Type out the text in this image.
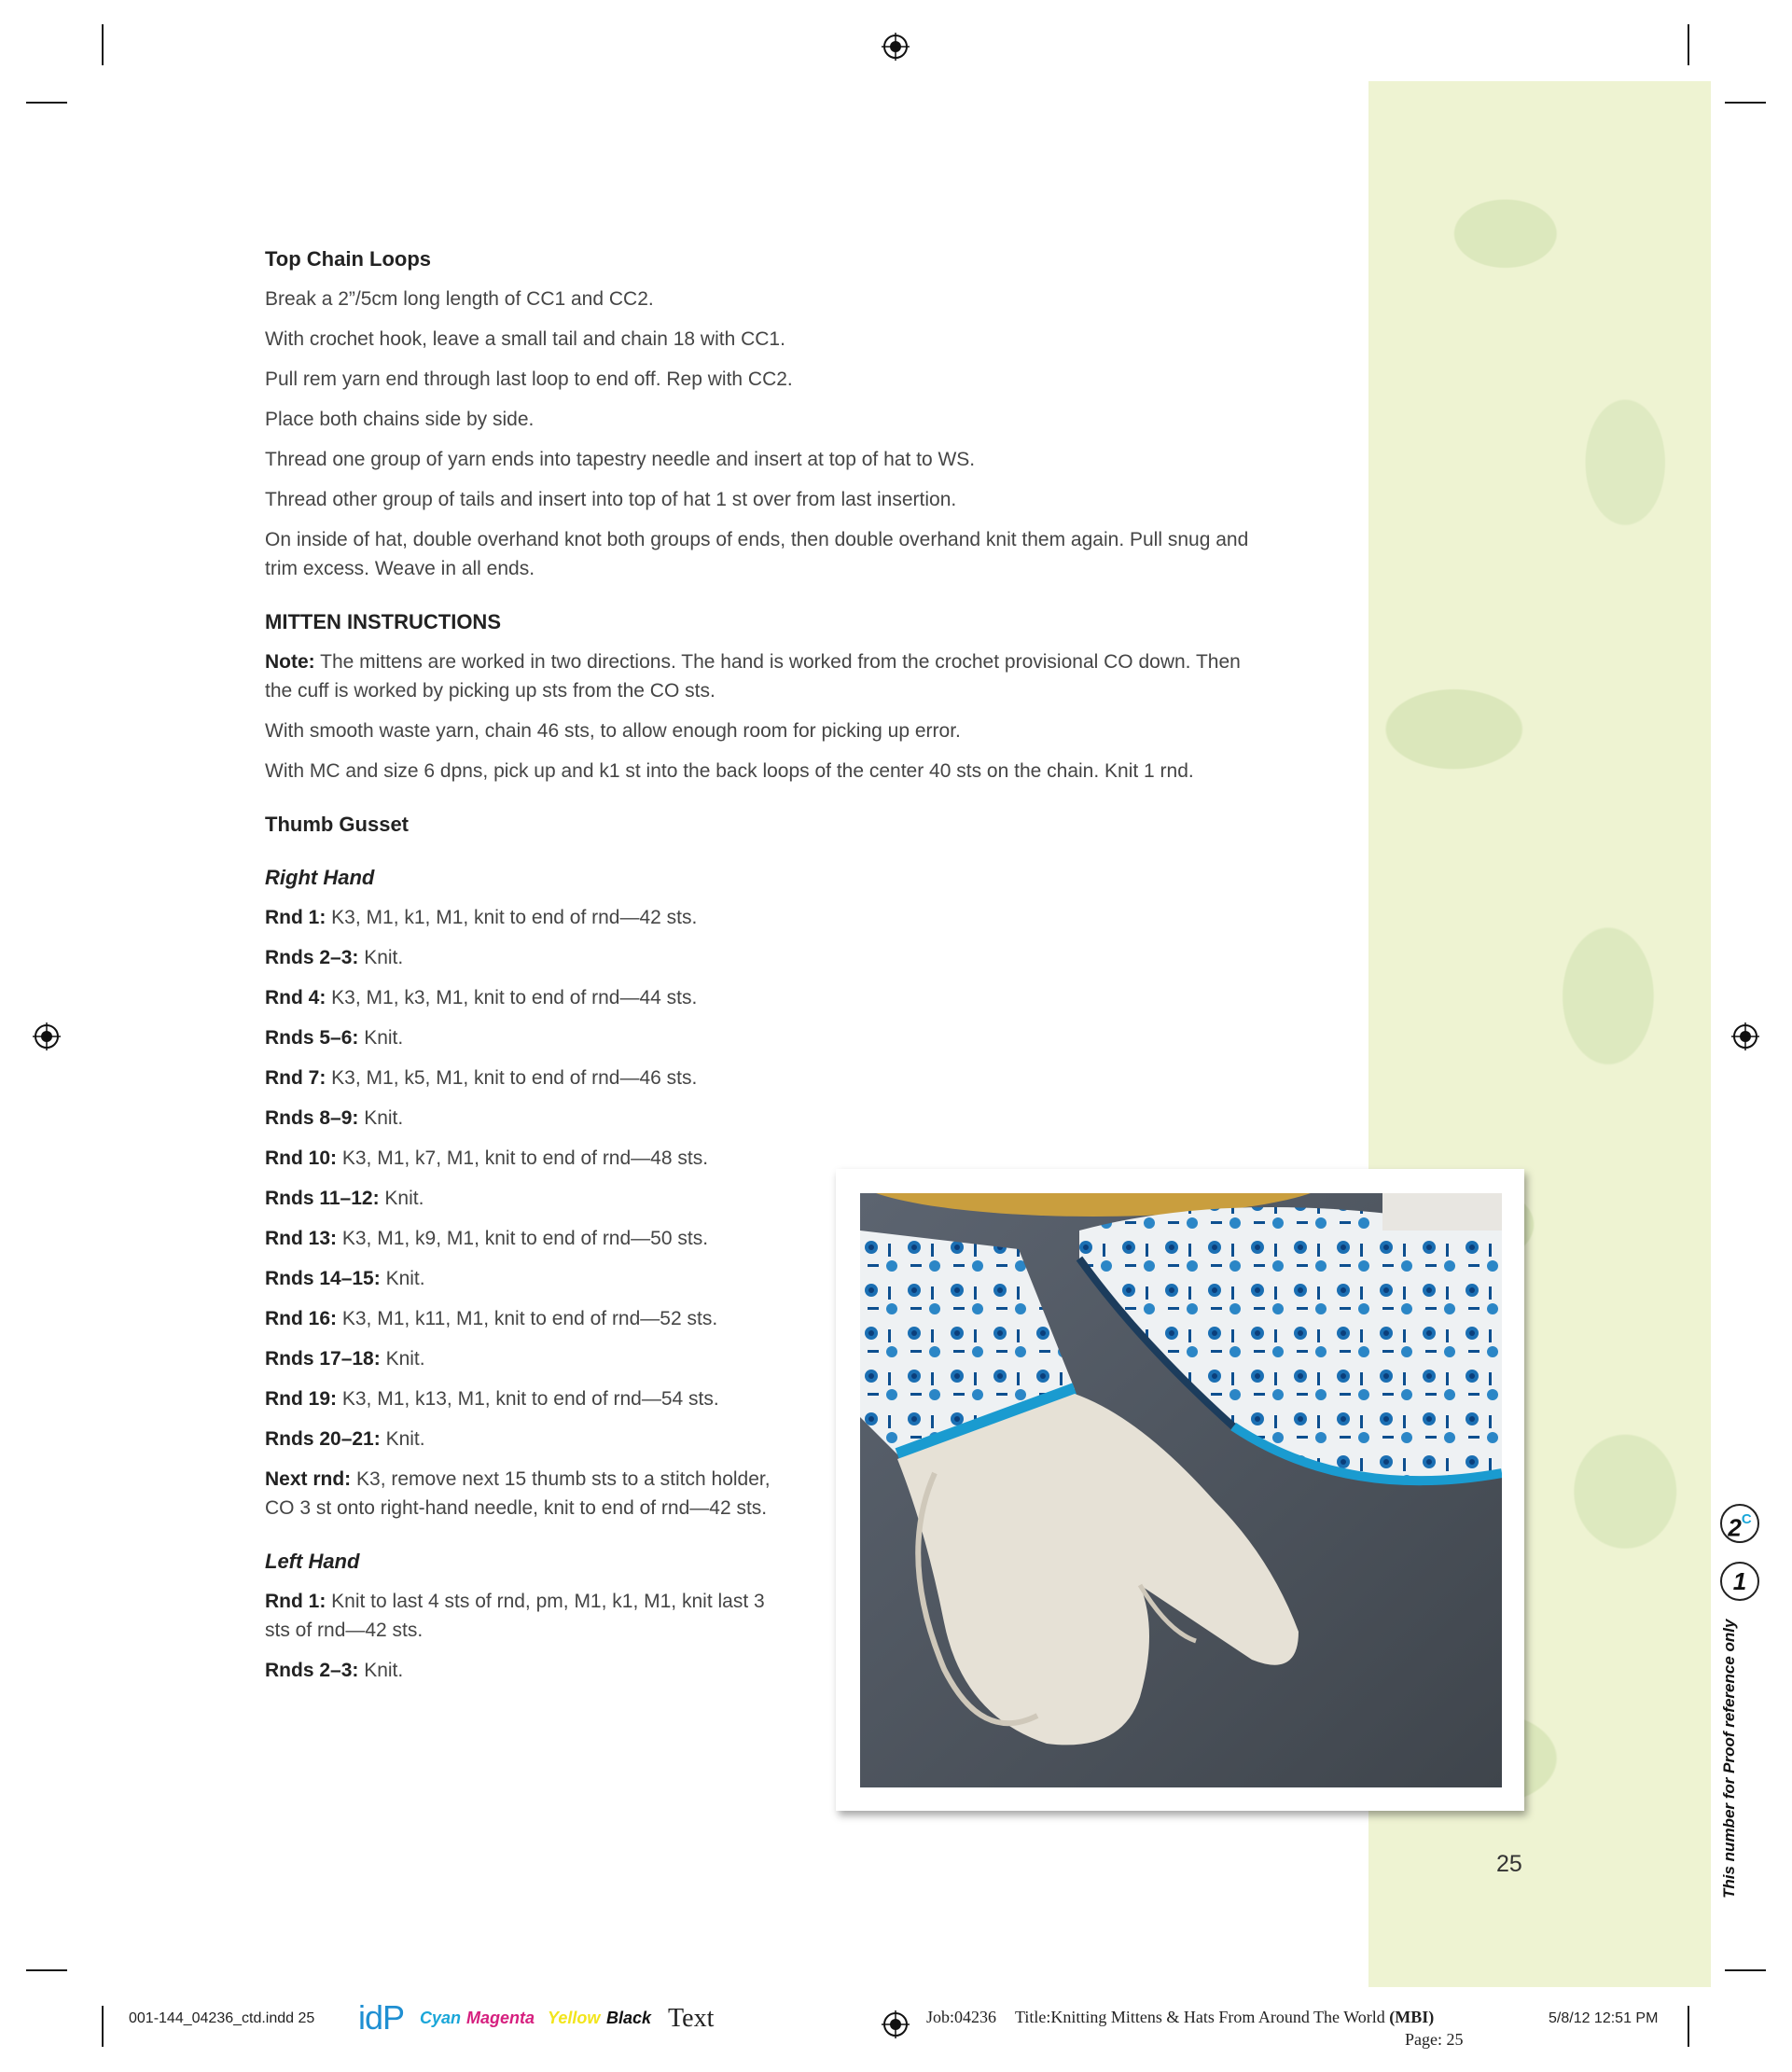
Top Chain Loops

Break a 2”/5cm long length of CC1 and CC2.

With crochet hook, leave a small tail and chain 18 with CC1.

Pull rem yarn end through last loop to end off. Rep with CC2.

Place both chains side by side.

Thread one group of yarn ends into tapestry needle and insert at top of hat to WS.

Thread other group of tails and insert into top of hat 1 st over from last insertion.

On inside of hat, double overhand knot both groups of ends, then double overhand knit them again. Pull snug and trim excess. Weave in all ends.

MITTEN INSTRUCTIONS

Note: The mittens are worked in two directions. The hand is worked from the crochet provisional CO down. Then the cuff is worked by picking up sts from the CO sts.

With smooth waste yarn, chain 46 sts, to allow enough room for picking up error.

With MC and size 6 dpns, pick up and k1 st into the back loops of the center 40 sts on the chain. Knit 1 rnd.

Thumb Gusset
Right Hand

Rnd 1: K3, M1, k1, M1, knit to end of rnd—42 sts.

Rnds 2–3: Knit.

Rnd 4: K3, M1, k3, M1, knit to end of rnd—44 sts.

Rnds 5–6: Knit.

Rnd 7: K3, M1, k5, M1, knit to end of rnd—46 sts.

Rnds 8–9: Knit.

Rnd 10: K3, M1, k7, M1, knit to end of rnd—48 sts.

Rnds 11–12: Knit.

Rnd 13: K3, M1, k9, M1, knit to end of rnd—50 sts.

Rnds 14–15: Knit.

Rnd 16: K3, M1, k11, M1, knit to end of rnd—52 sts.

Rnds 17–18: Knit.

Rnd 19: K3, M1, k13, M1, knit to end of rnd—54 sts.

Rnds 20–21: Knit.

Next rnd: K3, remove next 15 thumb sts to a stitch holder, CO 3 st onto right-hand needle, knit to end of rnd—42 sts.

Left Hand

Rnd 1: Knit to last 4 sts of rnd, pm, M1, k1, M1, knit last 3 sts of rnd—42 sts.

Rnds 2–3: Knit.

25
$2^C$
1
This number for Proof reference only
001-144_04236_ctd.indd 25 idP Cyan Magenta Yellow Black Text	Job:04236 Title:Knitting Mittens & Hats From Around The World (MBI)
Page: 25
5/8/12 12:51 PM
